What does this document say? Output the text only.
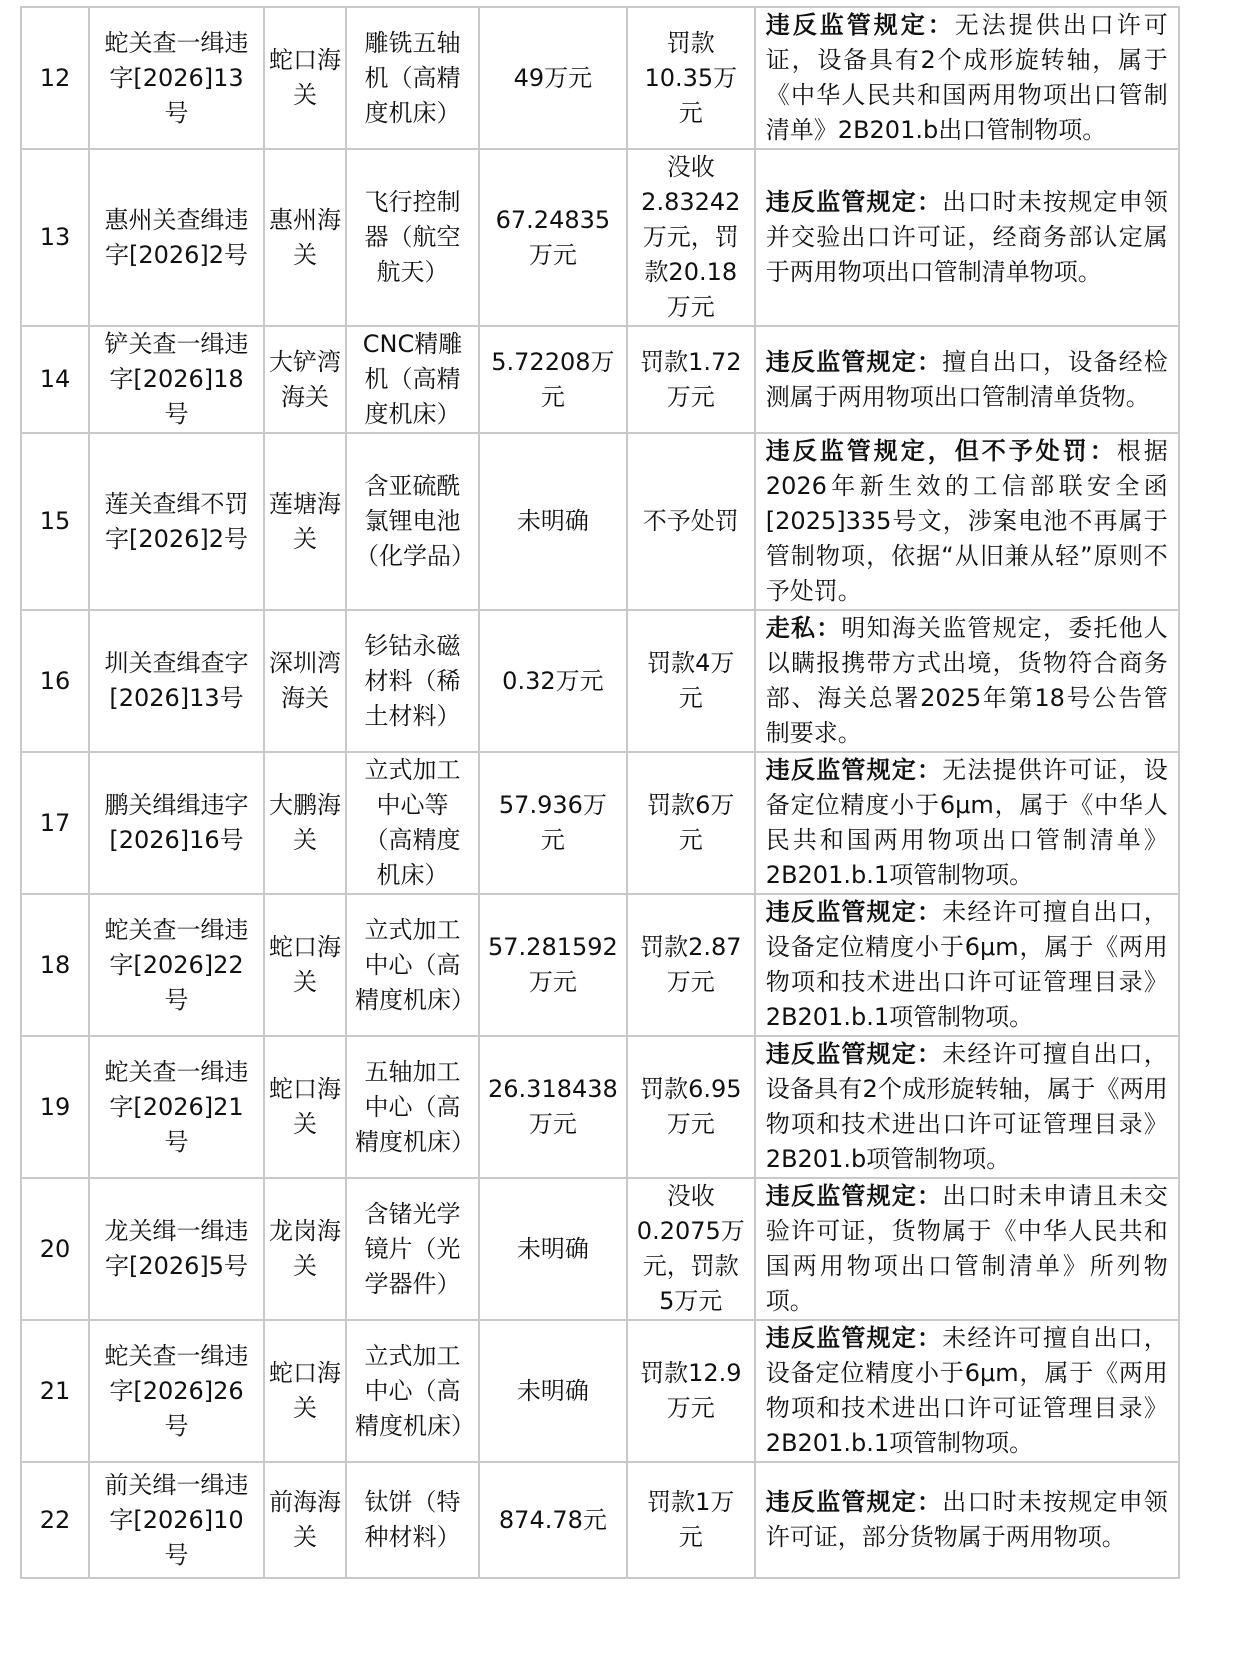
12	蛇关查一缉违字[2026]13号	蛇口海关	雕铣五轴机（高精度机床）	49万元	罚款10.35万元	违反监管规定：无法提供出口许可证，设备具有2个成形旋转轴，属于《中华人民共和国两用物项出口管制清单》2B201.b出口管制物项。
13	惠州关查缉违字[2026]2号	惠州海关	飞行控制器（航空航天）	67.24835万元	没收2.83242万元，罚款20.18万元	违反监管规定：出口时未按规定申领并交验出口许可证，经商务部认定属于两用物项出口管制清单物项。
14	铲关查一缉违字[2026]18号	大铲湾海关	CNC精雕机（高精度机床）	5.72208万元	罚款1.72万元	违反监管规定：擅自出口，设备经检测属于两用物项出口管制清单货物。
15	莲关查缉不罚字[2026]2号	莲塘海关	含亚硫酰氯锂电池（化学品）	未明确	不予处罚	违反监管规定，但不予处罚：根据2026年新生效的工信部联安全函[2025]335号文，涉案电池不再属于管制物项，依据“从旧兼从轻”原则不予处罚。
16	圳关查缉查字[2026]13号	深圳湾海关	钐钴永磁材料（稀土材料）	0.32万元	罚款4万元	走私：明知海关监管规定，委托他人以瞒报携带方式出境，货物符合商务部、海关总署2025年第18号公告管制要求。
17	鹏关缉缉违字[2026]16号	大鹏海关	立式加工中心等（高精度机床）	57.936万元	罚款6万元	违反监管规定：无法提供许可证，设备定位精度小于6μm，属于《中华人民共和国两用物项出口管制清单》2B201.b.1项管制物项。
18	蛇关查一缉违字[2026]22号	蛇口海关	立式加工中心（高精度机床）	57.281592万元	罚款2.87万元	违反监管规定：未经许可擅自出口，设备定位精度小于6μm，属于《两用物项和技术进出口许可证管理目录》2B201.b.1项管制物项。
19	蛇关查一缉违字[2026]21号	蛇口海关	五轴加工中心（高精度机床）	26.318438万元	罚款6.95万元	违反监管规定：未经许可擅自出口，设备具有2个成形旋转轴，属于《两用物项和技术进出口许可证管理目录》2B201.b项管制物项。
20	龙关缉一缉违字[2026]5号	龙岗海关	含锗光学镜片（光学器件）	未明确	没收0.2075万元，罚款5万元	违反监管规定：出口时未申请且未交验许可证，货物属于《中华人民共和国两用物项出口管制清单》所列物项。
21	蛇关查一缉违字[2026]26号	蛇口海关	立式加工中心（高精度机床）	未明确	罚款12.9万元	违反监管规定：未经许可擅自出口，设备定位精度小于6μm，属于《两用物项和技术进出口许可证管理目录》2B201.b.1项管制物项。
22	前关缉一缉违字[2026]10号	前海海关	钛饼（特种材料）	874.78元	罚款1万元	违反监管规定：出口时未按规定申领许可证，部分货物属于两用物项。
